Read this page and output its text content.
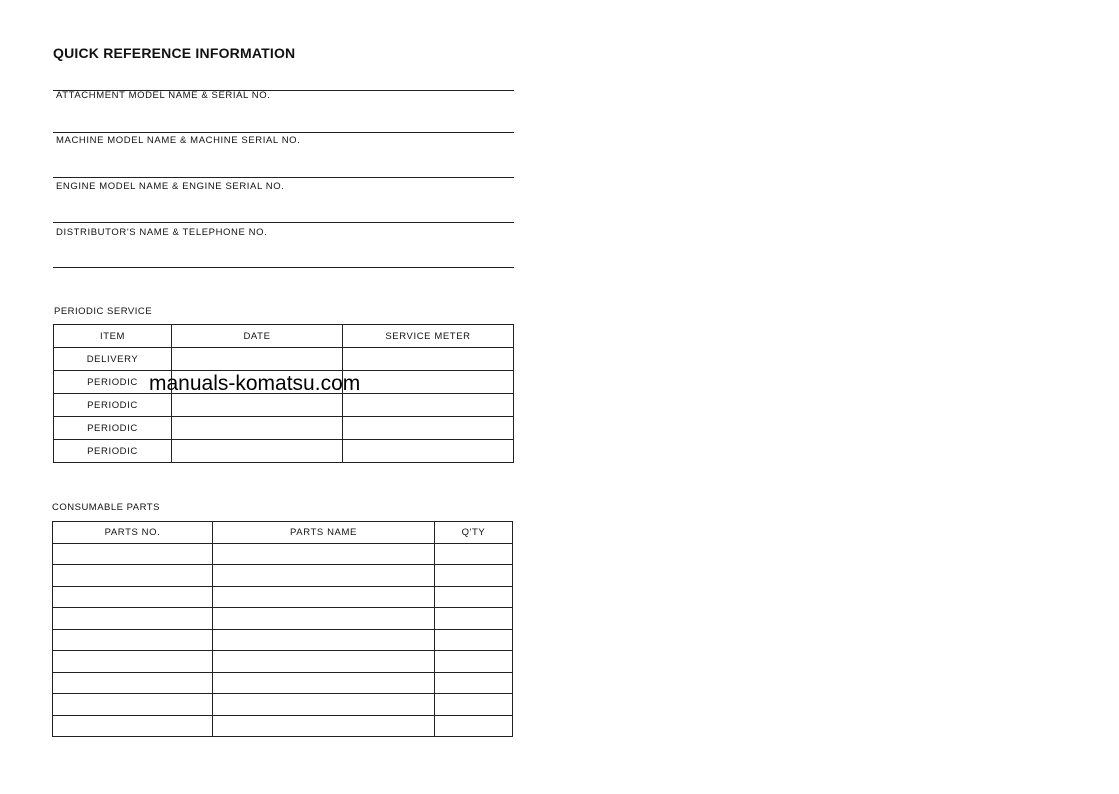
QUICK REFERENCE INFORMATION
ATTACHMENT MODEL NAME & SERIAL NO.
MACHINE MODEL NAME & MACHINE SERIAL NO.
ENGINE MODEL NAME & ENGINE SERIAL NO.
DISTRIBUTOR'S NAME & TELEPHONE NO.
PERIODIC SERVICE
ITEM	DATE	SERVICE METER
DELIVERY		
PERIODIC		
PERIODIC		
PERIODIC		
PERIODIC		
CONSUMABLE PARTS
PARTS NO.	PARTS NAME	Q'TY

manuals-komatsu.com
